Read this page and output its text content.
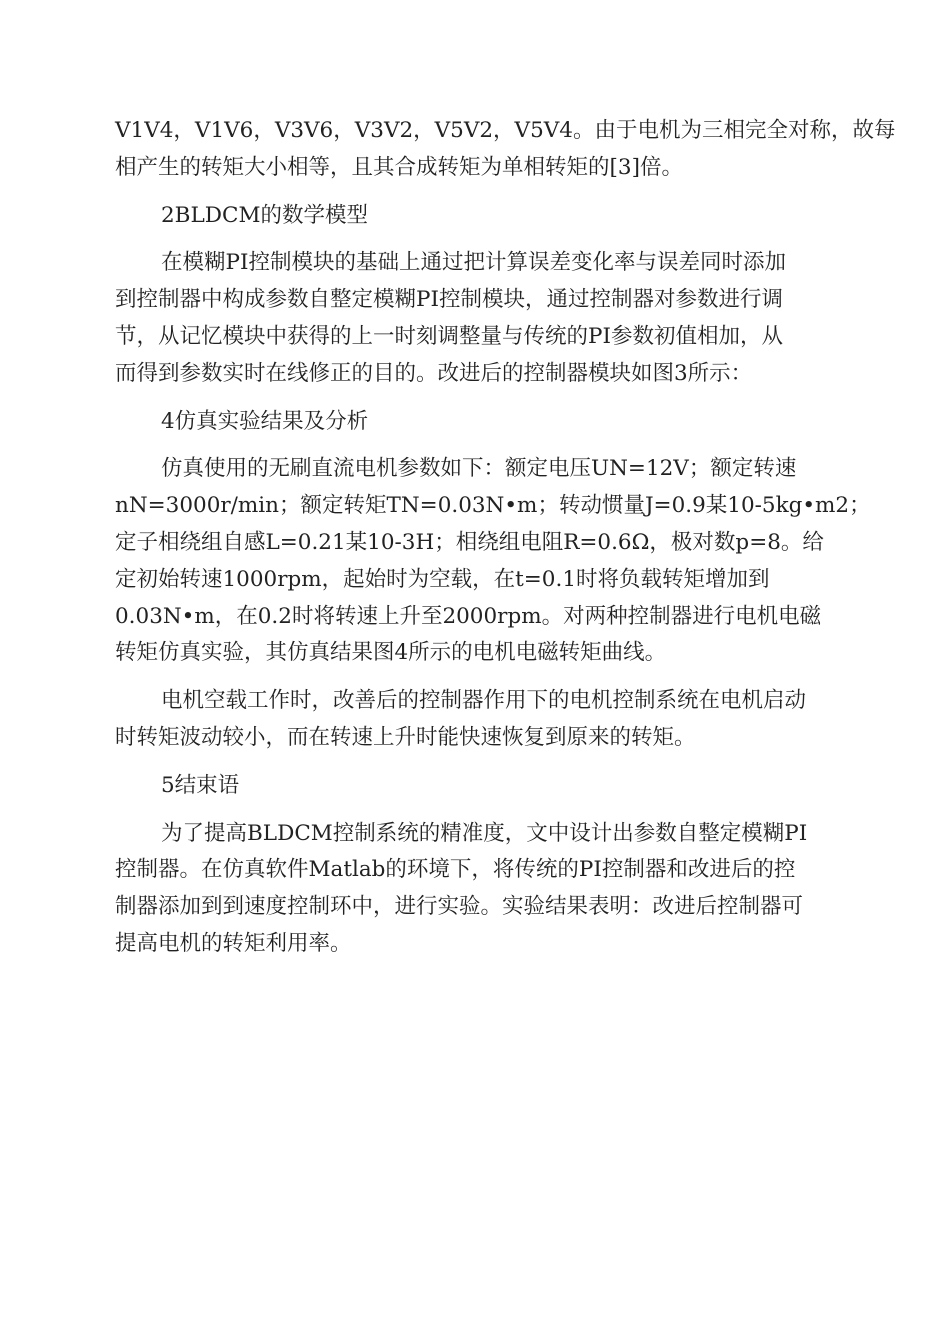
V1V4，V1V6，V3V6，V3V2，V5V2，V5V4。由于电机为三相完全对称，故每
相产生的转矩大小相等，且其合成转矩为单相转矩的[3]倍。
2BLDCM的数学模型
在模糊PI控制模块的基础上通过把计算误差变化率与误差同时添加
到控制器中构成参数自整定模糊PI控制模块，通过控制器对参数进行调
节，从记忆模块中获得的上一时刻调整量与传统的PI参数初值相加，从
而得到参数实时在线修正的目的。改进后的控制器模块如图3所示：
4仿真实验结果及分析
仿真使用的无刷直流电机参数如下：额定电压UN=12V；额定转速
nN=3000r/min；额定转矩TN=0.03N•m；转动惯量J=0.9某10-5kg•m2；
定子相绕组自感L=0.21某10-3H；相绕组电阻R=0.6Ω，极对数p=8。给
定初始转速1000rpm，起始时为空载，在t=0.1时将负载转矩增加到
0.03N•m，在0.2时将转速上升至2000rpm。对两种控制器进行电机电磁
转矩仿真实验，其仿真结果图4所示的电机电磁转矩曲线。
电机空载工作时，改善后的控制器作用下的电机控制系统在电机启动
时转矩波动较小，而在转速上升时能快速恢复到原来的转矩。
5结束语
为了提高BLDCM控制系统的精准度，文中设计出参数自整定模糊PI
控制器。在仿真软件Matlab的环境下，将传统的PI控制器和改进后的控
制器添加到到速度控制环中，进行实验。实验结果表明：改进后控制器可
提高电机的转矩利用率。
